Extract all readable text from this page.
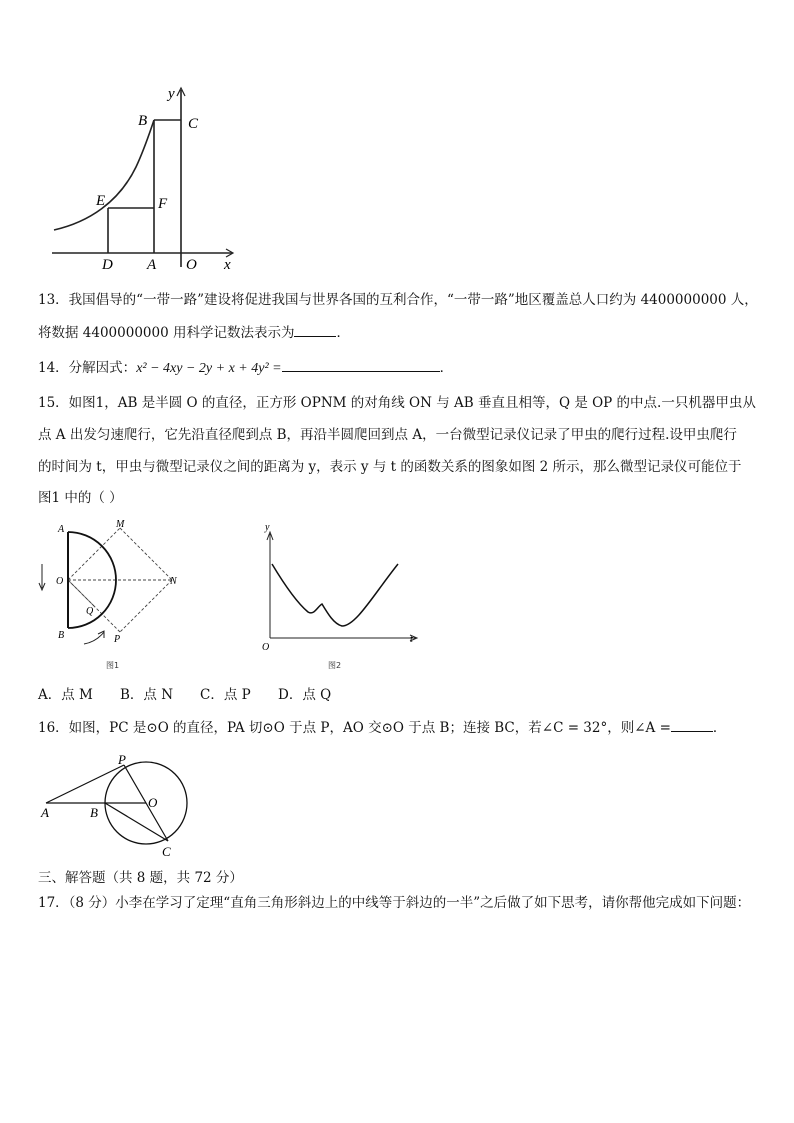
y
B	C
E	F
D A O x
13．我国倡导的“一带一路”建设将促进我国与世界各国的互利合作，“一带一路”地区覆盖总人口约为 4400000000 人，
将数据 4400000000 用科学记数法表示为	．
14．分解因式：x² − 4xy − 2y + x + 4y² =	．
15．如图1，AB 是半圆 O 的直径，正方形 OPNM 的对角线 ON 与 AB 垂直且相等，Q 是 OP 的中点.一只机器甲虫从
点 A 出发匀速爬行，它先沿直径爬到点 B，再沿半圆爬回到点 A，一台微型记录仪记录了甲虫的爬行过程.设甲虫爬行
的时间为 t，甲虫与微型记录仪之间的距离为 y，表示 y 与 t 的函数关系的图象如图 2 所示，那么微型记录仪可能位于
图1 中的（ ）
A	M
O	N
Q
B	P
图1
y
t
O
图2
A．点 M B．点 N C．点 P D．点 Q
16．如图，PC 是⊙O 的直径，PA 切⊙O 于点 P，AO 交⊙O 于点 B；连接 BC，若∠C = 32°，则∠A =	．
P
O
A	B
C
三、解答题（共 8 题，共 72 分）
17．（8 分）小李在学习了定理“直角三角形斜边上的中线等于斜边的一半”之后做了如下思考，请你帮他完成如下问题：
